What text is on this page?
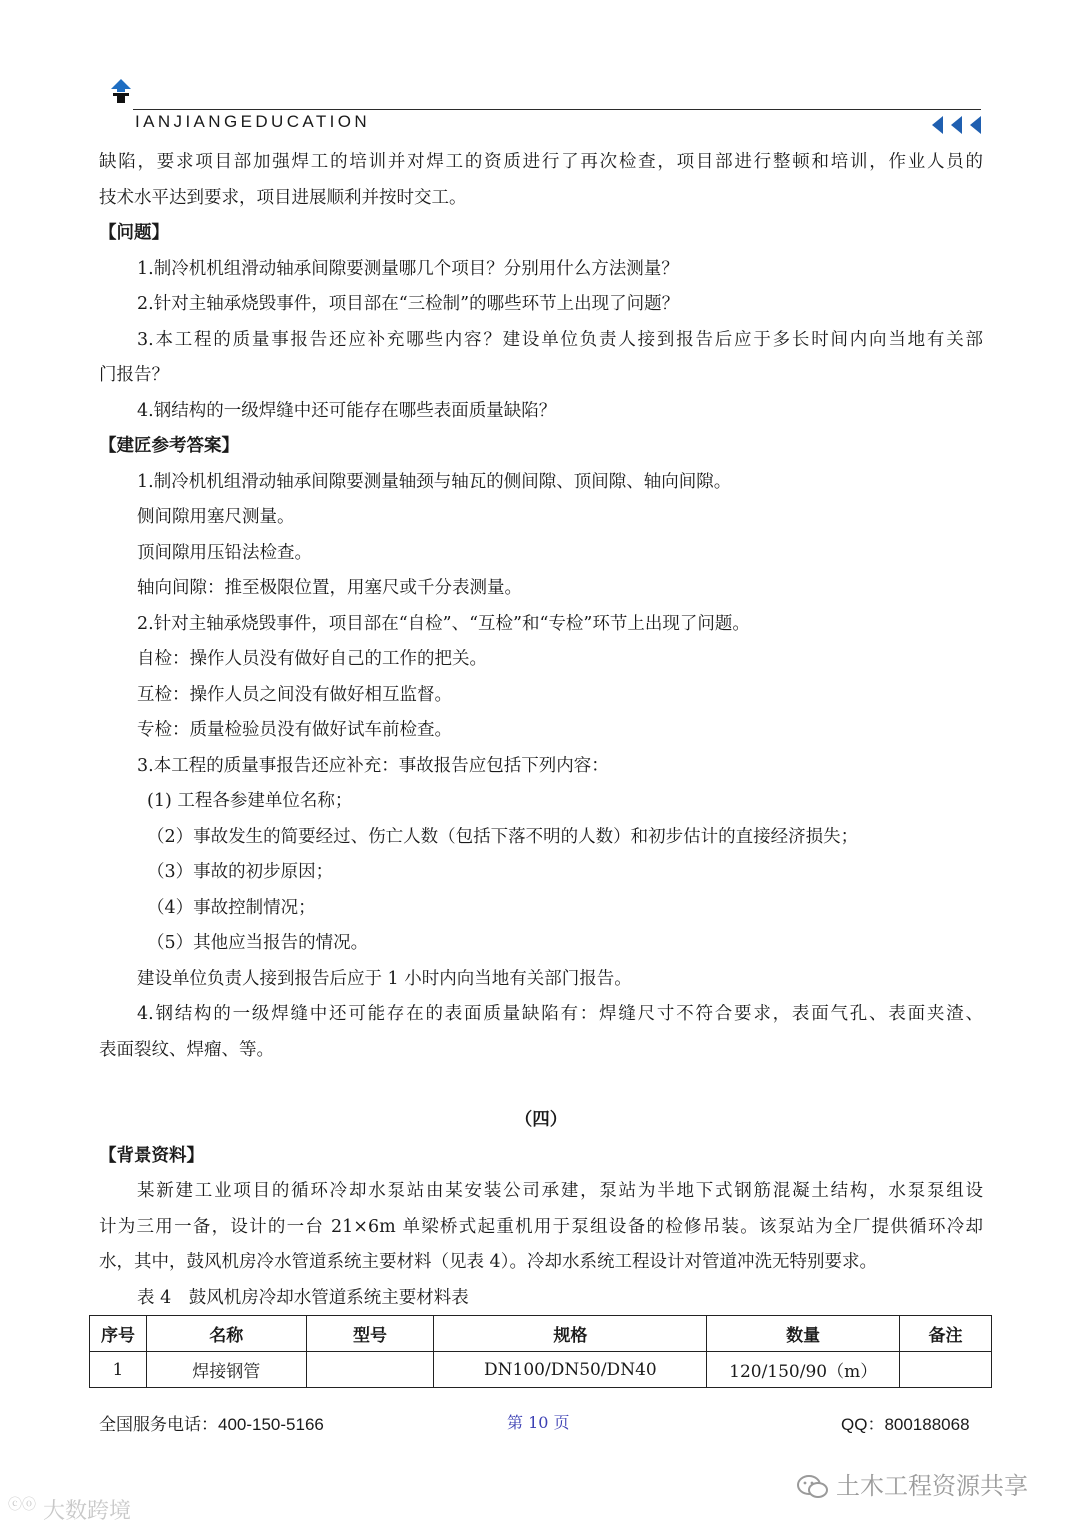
IANJIANGEDUCATION

缺陷，要求项目部加强焊工的培训并对焊工的资质进行了再次检查，项目部进行整顿和培训，作业人员的

技术水平达到要求，项目进展顺利并按时交工。

【问题】

1.制冷机机组滑动轴承间隙要测量哪几个项目？分别用什么方法测量？

2.针对主轴承烧毁事件，项目部在“三检制”的哪些环节上出现了问题？

3.本工程的质量事报告还应补充哪些内容？建设单位负责人接到报告后应于多长时间内向当地有关部

门报告？

4.钢结构的一级焊缝中还可能存在哪些表面质量缺陷？

【建匠参考答案】

1.制冷机机组滑动轴承间隙要测量轴颈与轴瓦的侧间隙、顶间隙、轴向间隙。

侧间隙用塞尺测量。

顶间隙用压铅法检查。

轴向间隙：推至极限位置，用塞尺或千分表测量。

2.针对主轴承烧毁事件，项目部在“自检”、“互检”和“专检”环节上出现了问题。

自检：操作人员没有做好自己的工作的把关。

互检：操作人员之间没有做好相互监督。

专检：质量检验员没有做好试车前检查。

3.本工程的质量事报告还应补充：事故报告应包括下列内容：

(1) 工程各参建单位名称；

（2）事故发生的简要经过、伤亡人数（包括下落不明的人数）和初步估计的直接经济损失；

（3）事故的初步原因；

（4）事故控制情况；

（5）其他应当报告的情况。

建设单位负责人接到报告后应于 1 小时内向当地有关部门报告。

4.钢结构的一级焊缝中还可能存在的表面质量缺陷有：焊缝尺寸不符合要求，表面气孔、表面夹渣、

表面裂纹、焊瘤、等。

（四）

【背景资料】

某新建工业项目的循环冷却水泵站由某安装公司承建，泵站为半地下式钢筋混凝土结构，水泵泵组设

计为三用一备，设计的一台 21×6m 单梁桥式起重机用于泵组设备的检修吊装。该泵站为全厂提供循环冷却

水，其中，鼓风机房冷水管道系统主要材料（见表 4）。冷却水系统工程设计对管道冲洗无特别要求。

表 4　鼓风机房冷却水管道系统主要材料表

序号	名称	型号	规格	数量	备注
1	焊接钢管		DN100/DN50/DN40	120/150/90（m）	
全国服务电话：400-150-5166	第 10 页	QQ：800188068
土木工程资源共享
ⓒⓞ 大数跨境
